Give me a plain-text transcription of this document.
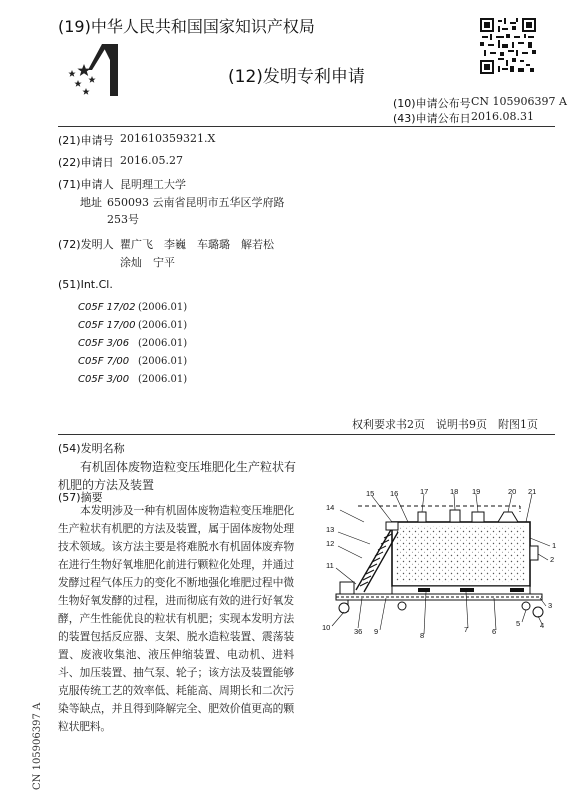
(19)中华人民共和国国家知识产权局
(12)发明专利申请
(10)申请公布号 CN 105906397 A
(43)申请公布日 2016.08.31
(21)申请号 201610359321.X
(22)申请日 2016.05.27
(71)申请人 昆明理工大学
地址 650093 云南省昆明市五华区学府路
253号
(72)发明人 瞿广飞　李巍　车璐璐　解若松
涂灿　宁平
(51)Int.Cl.
C05F 17/02 (2006.01)
C05F 17/00 (2006.01)
C05F 3/06 (2006.01)
C05F 7/00 (2006.01)
C05F 3/00 (2006.01)
权利要求书2页　说明书9页　附图1页
(54)发明名称
有机固体废物造粒变压堆肥化生产粒状有
机肥的方法及装置
(57)摘要
本发明涉及一种有机固体废物造粒变压堆肥化生产粒状有机肥的方法及装置，属于固体废物处理技术领域。该方法主要是将难脱水有机固体废弃物在进行生物好氧堆肥化前进行颗粒化处理，并通过发酵过程气体压力的变化不断地强化堆肥过程中微生物好氧发酵的过程，进而彻底有效的进行好氧发酵，产生性能优良的粒状有机肥；实现本发明方法的装置包括反应器、支架、脱水造粒装置、震荡装置、废液收集池、液压伸缩装置、电动机、进料斗、加压装置、抽气泵、轮子；该方法及装置能够克服传统工艺的效率低、耗能高、周期长和二次污染等缺点，并且得到降解完全、肥效价值更高的颗粒状肥料。
15 16	17	18 19	20 21
14
13
12
11
10	36 9	8
7	6
5	4
3
2
1
CN 105906397 A
